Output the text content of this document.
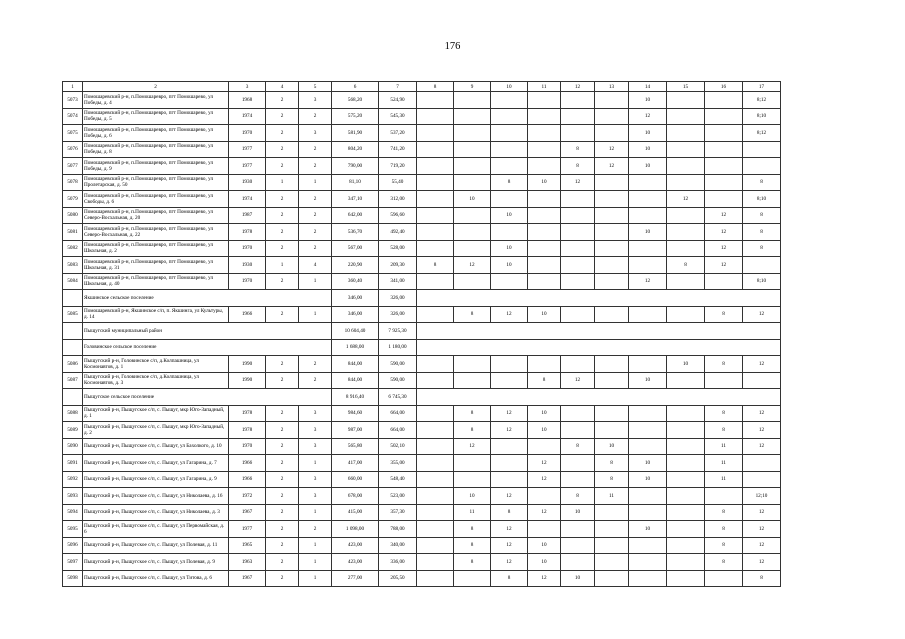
176
1	2	3	4	5	6	7	8	9	10	11	12	13	14	15	16	17
5073	Помошаревский р-н, п.Помошаревро, пгт Помошарево, ул Победы, д. 4	1968	2	3	568,20	524,90							10			8;12
5074	Помошаревский р-н, п.Помошаревро, пгт Помошарево, ул Победы, д. 5	1974	2	2	575,20	545,30							12			8;10
5075	Помошаревский р-н, п.Помошаревро, пгт Помошарево, ул Победы, д. 6	1970	2	3	581,90	537,20							10			8;12
5076	Помошаревский р-н, п.Помошаревро, пгт Помошарево, ул Победы, д. 8	1977	2	2	804,20	741,20					8	12	10			
5077	Помошаревский р-н, п.Помошаревро, пгт Помошарево, ул Победы, д. 9	1977	2	2	790,00	719,20					8	12	10			
5078	Помошаревский р-н, п.Помошаревро, пгт Помошарево, ул Пролетарская, д. 50	1930	1	1	81,10	55,40			8	10	12					8
5079	Помошаревский р-н, п.Помошаревро, пгт Помошарево, ул Свободы, д. 6	1974	2	2	347,10	312,00		10						12		8;10
5080	Помошаревский р-н, п.Помошаревро, пгт Помошарево, ул Северо-Восхальная, д. 20	1987	2	2	642,00	596,60			10						12	8
5081	Помошаревский р-н, п.Помошаревро, пгт Помошарево, ул Северо-Восхальная, д. 22	1978	2	2	536,70	492,40							10		12	8
5082	Помошаревский р-н, п.Помошаревро, пгт Помошарево, ул Школьная, д. 2	1970	2	2	567,00	528,00			10						12	8
5083	Помошаревский р-н, п.Помошаревро, пгт Помошарево, ул Школьная, д. 31	1930	1	4	220,90	209,30	8	12	10					8	12	
5084	Помошаревский р-н, п.Помошаревро, пгт Помошарево, ул Школьная, д. 40	1970	2	1	360,40	341,00							12			8;10
	Якшинское сельское поселение				346,00	326,00										
5085	Помошаревский р-н, Якшинское с/п, п. Якшинга, ул Культуры, д. 14	1966	2	1	346,00	326,00		8	12	10					8	12
	Пыщугский муниципальный район				10 604,40	7 925,30										
	Головинское сельское поселение				1 688,00	1 180,00										
5086	Пыщугский р-н, Головинское с/п, д.Колпашница, ул Космонавтов, д. 1	1990	2	2	844,00	590,00								10	8	12
5087	Пыщугский р-н, Головинское с/п, д.Колпашница, ул Космонавтов, д. 3	1990	2	2	844,00	590,00				8	12		10			
	Пыщугское сельское поселение				8 916,40	6 745,30										
5088	Пыщугский р-н, Пыщугское с/п, с. Пыщуг, мкр Юго-Западный, д. 1	1978	2	3	984,60	664,00		8	12	10					8	12
5089	Пыщугский р-н, Пыщугское с/п, с. Пыщуг, мкр Юго-Западный, д. 2	1978	2	3	987,00	664,00		8	12	10					8	12
5090	Пыщугский р-н, Пыщугское с/п, с. Пыщуг, ул Бахолкого, д. 10	1970	2	3	565,80	502,10		12			8	10			11	12
5091	Пыщугский р-н, Пыщугское с/п, с. Пыщуг, ул Гагарина, д. 7	1966	2	1	417,00	355,00				12		8	10		11	
5092	Пыщугский р-н, Пыщугское с/п, с. Пыщуг, ул Гагарина, д. 9	1966	2	3	660,00	548,40				12		8	10		11	
5093	Пыщугский р-н, Пыщугское с/п, с. Пыщуг, ул Николаева, д. 16	1972	2	3	678,00	523,00		10	12		8	11				12;10
5094	Пыщугский р-н, Пыщугское с/п, с. Пыщуг, ул Николаева, д. 3	1967	2	1	415,00	357,30		11	8	12	10				8	12
5095	Пыщугский р-н, Пыщугское с/п, с. Пыщуг, ул Первомайская, д. 6	1977	2	2	1 098,00	788,00		8	12				10		8	12
5096	Пыщугский р-н, Пыщугское с/п, с. Пыщуг, ул Полевая, д. 11	1965	2	1	423,00	340,00		8	12	10					8	12
5097	Пыщугский р-н, Пыщугское с/п, с. Пыщуг, ул Полевая, д. 9	1963	2	1	423,00	336,00		8	12	10					8	12
5098	Пыщугский р-н, Пыщугское с/п, с. Пыщуг, ул Титова, д. 6	1967	2	1	277,00	205,50			8	12	10					8
